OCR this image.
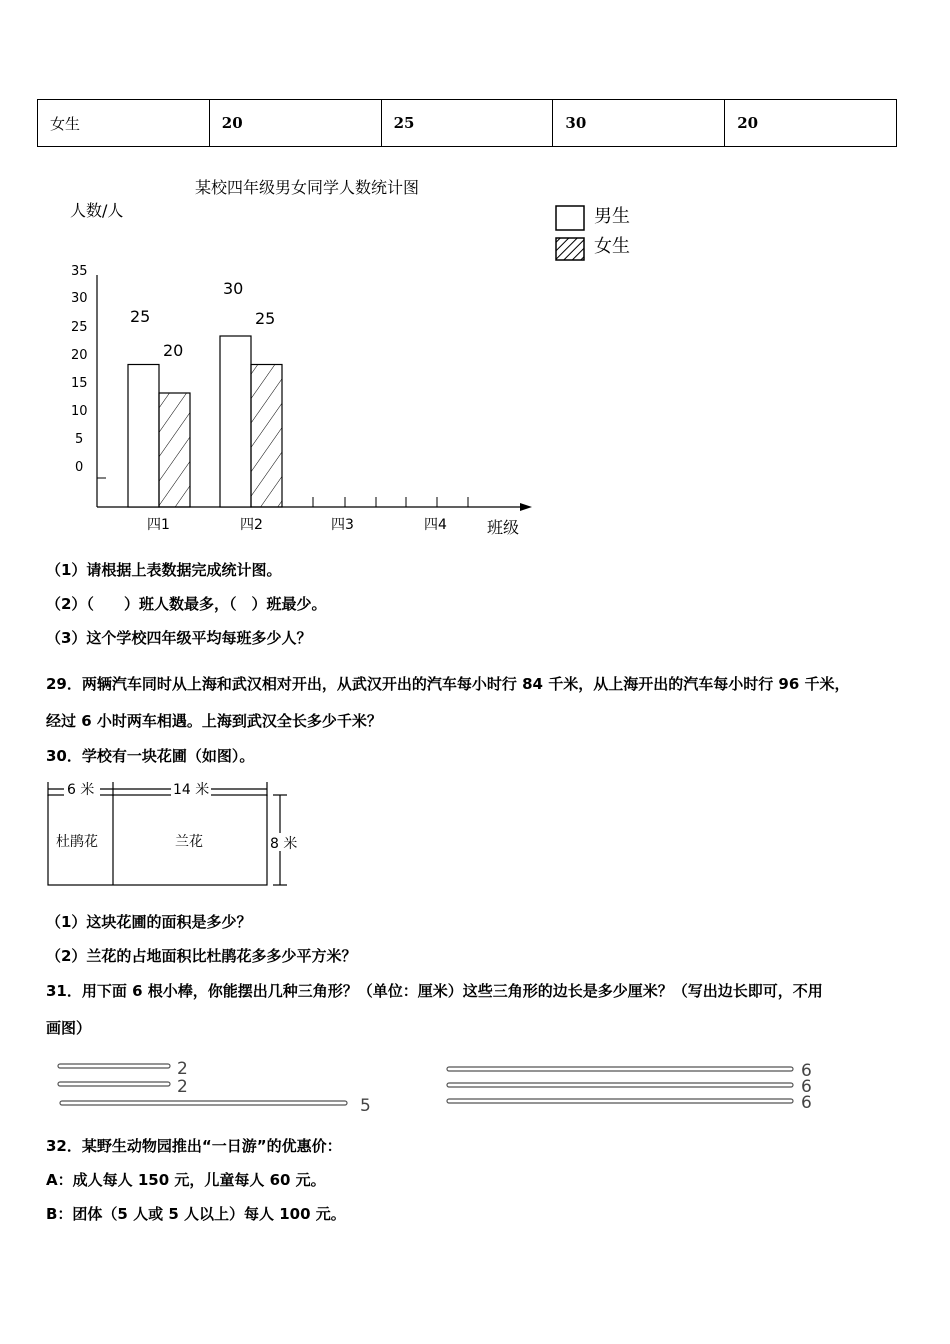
女生	20	25	30	20
某校四年级男女同学人数统计图
人数/人	男生
女生
35
30
25
20
15
10
5
0
25
20
30
25
四1	四2	四3	四4	班级
（1）请根据上表数据完成统计图。
（2）（　　）班人数最多，（　）班最少。
（3）这个学校四年级平均每班多少人？
29．两辆汽车同时从上海和武汉相对开出，从武汉开出的汽车每小时行 84 千米，从上海开出的汽车每小时行 96 千米，
经过 6 小时两车相遇。上海到武汉全长多少千米？
30．学校有一块花圃（如图）。
6 米	14 米
8 米
杜鹃花	兰花
（1）这块花圃的面积是多少？
（2）兰花的占地面积比杜鹃花多多少平方米？
31．用下面 6 根小棒，你能摆出几种三角形？（单位：厘米）这些三角形的边长是多少厘米？（写出边长即可，不用
画图）
2
2
5
6
6
6
32．某野生动物园推出“一日游”的优惠价：
A：成人每人 150 元，儿童每人 60 元。
B：团体（5 人或 5 人以上）每人 100 元。
